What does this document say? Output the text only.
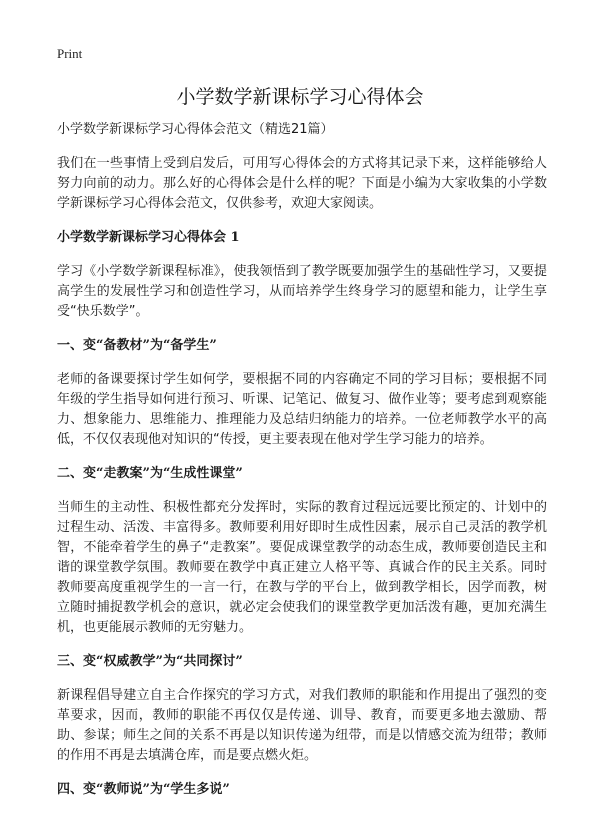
Print
小学数学新课标学习心得体会
小学数学新课标学习心得体会范文（精选21篇）

我们在一些事情上受到启发后，可用写心得体会的方式将其记录下来，这样能够给人努力向前的动力。那么好的心得体会是什么样的呢？下面是小编为大家收集的小学数学新课标学习心得体会范文，仅供参考，欢迎大家阅读。

小学数学新课标学习心得体会 1

学习《小学数学新课程标准》，使我领悟到了教学既要加强学生的基础性学习，又要提高学生的发展性学习和创造性学习，从而培养学生终身学习的愿望和能力，让学生享受“快乐数学”。

一、变“备教材”为“备学生”

老师的备课要探讨学生如何学，要根据不同的内容确定不同的学习目标；要根据不同年级的学生指导如何进行预习、听课、记笔记、做复习、做作业等；要考虑到观察能力、想象能力、思维能力、推理能力及总结归纳能力的培养。一位老师教学水平的高低，不仅仅表现他对知识的“传授，更主要表现在他对学生学习能力的培养。

二、变“走教案”为“生成性课堂”

当师生的主动性、积极性都充分发挥时，实际的教育过程远远要比预定的、计划中的过程生动、活泼、丰富得多。教师要利用好即时生成性因素，展示自己灵活的教学机智，不能牵着学生的鼻子“走教案”。要促成课堂教学的动态生成，教师要创造民主和谐的课堂教学氛围。教师要在教学中真正建立人格平等、真诚合作的民主关系。同时教师要高度重视学生的一言一行，在教与学的平台上，做到教学相长，因学而教，树立随时捕捉教学机会的意识，就必定会使我们的课堂教学更加活泼有趣，更加充满生机，也更能展示教师的无穷魅力。

三、变“权威教学”为“共同探讨”

新课程倡导建立自主合作探究的学习方式，对我们教师的职能和作用提出了强烈的变革要求，因而，教师的职能不再仅仅是传递、训导、教育，而要更多地去激励、帮助、参谋；师生之间的关系不再是以知识传递为纽带，而是以情感交流为纽带；教师的作用不再是去填满仓库，而是要点燃火炬。

四、变“教师说”为“学生多说”
